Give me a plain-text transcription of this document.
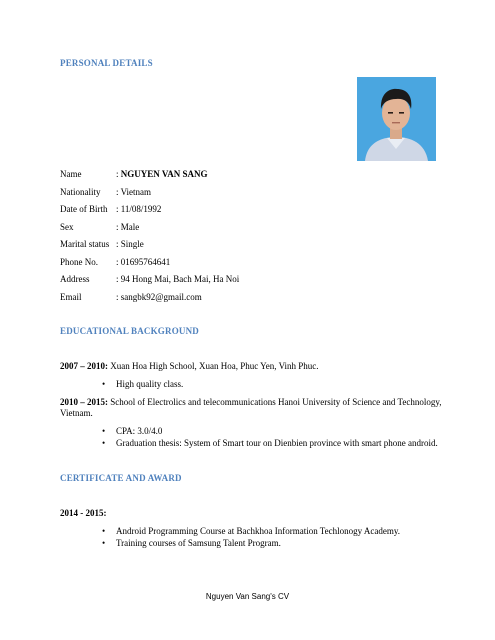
PERSONAL DETAILS
Name	: NGUYEN VAN SANG
Nationality : Vietnam
Date of Birth : 11/08/1992
Sex	: Male
Marital status : Single
Phone No. : 01695764641
Address	: 94 Hong Mai, Bach Mai, Ha Noi
Email	: sangbk92@gmail.com
EDUCATIONAL BACKGROUND
2007 – 2010: Xuan Hoa High School, Xuan Hoa, Phuc Yen, Vinh Phuc.
• High quality class.
2010 – 2015: School of Electrolics and telecommunications Hanoi University of Science and Technology, Vietnam.
• CPA: 3.0/4.0
• Graduation thesis: System of Smart tour on Dienbien province with smart phone android.
CERTIFICATE AND AWARD
2014 - 2015:
• Android Programming Course at Bachkhoa Information Techlonogy Academy.
• Training courses of Samsung Talent Program.
Nguyen Van Sang's CV
